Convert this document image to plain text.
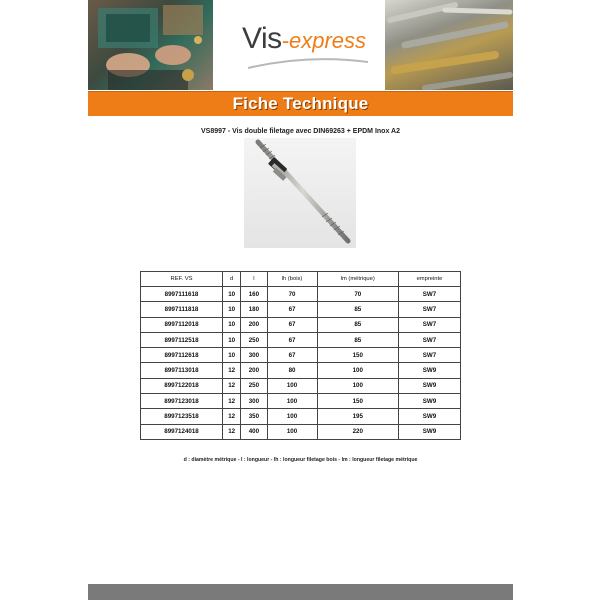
Vis-express
Fiche Technique
VS8997 - Vis double filetage avec DIN69263 + EPDM Inox A2
REF. VS	d	l	lh (bois)	lm (métrique)	empreinte
8997111618	10	160	70	70	SW7
8997111818	10	180	67	85	SW7
8997112018	10	200	67	85	SW7
8997112518	10	250	67	85	SW7
8997112618	10	300	67	150	SW7
8997113018	12	200	80	100	SW9
8997122018	12	250	100	100	SW9
8997123018	12	300	100	150	SW9
8997123518	12	350	100	195	SW9
8997124018	12	400	100	220	SW9
d : diamètre métrique - l : longueur - lh : longueur filetage bois - lm : longueur filetage métrique
